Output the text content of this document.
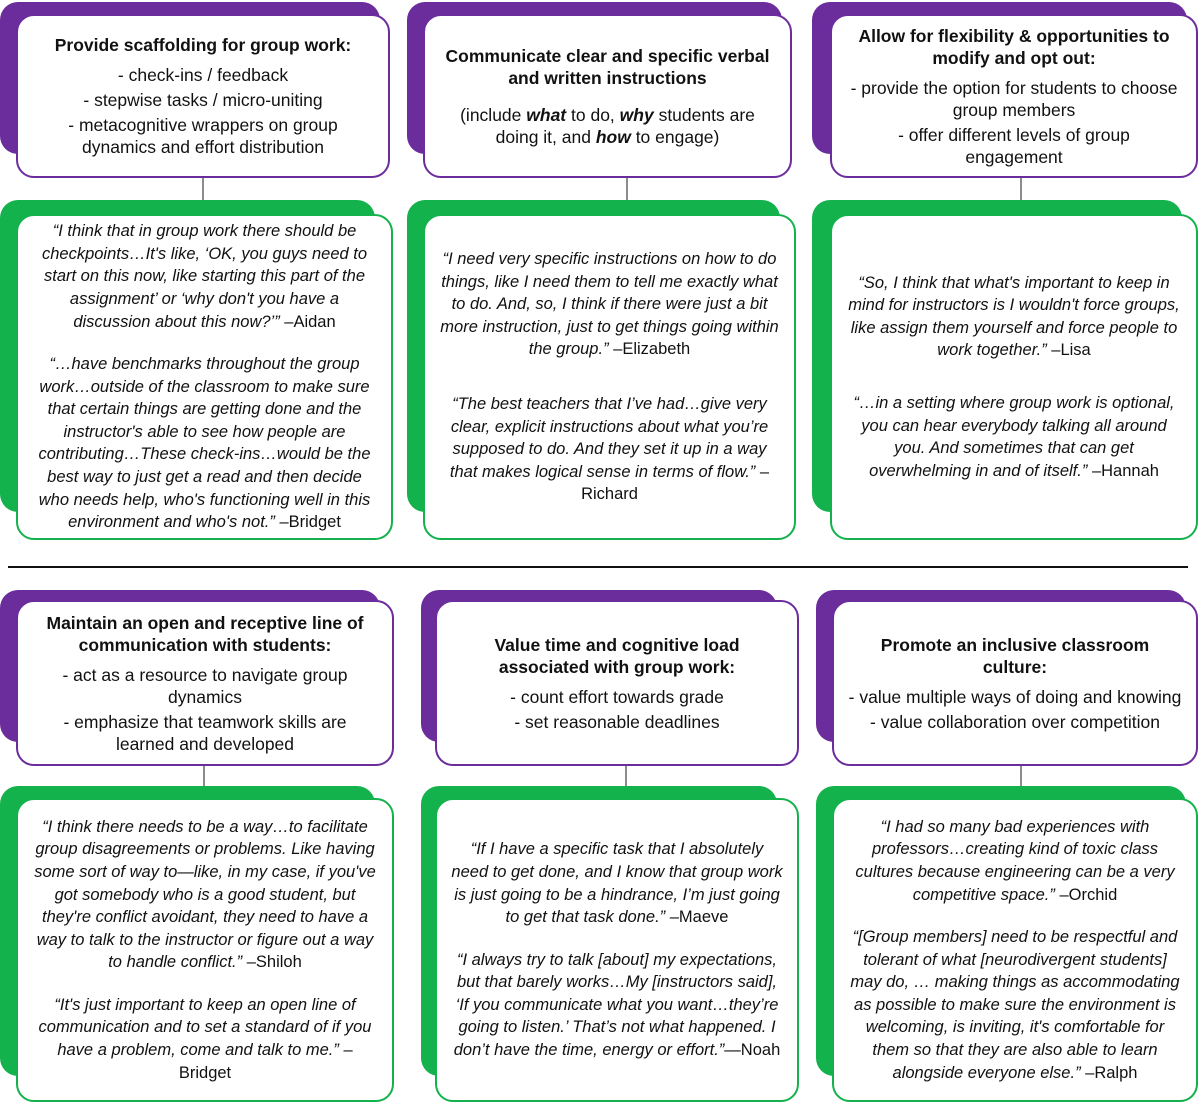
Provide scaffolding for group work:
- check-ins / feedback
- stepwise tasks / micro-uniting
- metacognitive wrappers on group dynamics and effort distribution
“I think that in group work there should be checkpoints…It's like, ‘OK, you guys need to start on this now, like starting this part of the assignment’ or ‘why don't you have a discussion about this now?’” –Aidan
“…have benchmarks throughout the group work…outside of the classroom to make sure that certain things are getting done and the instructor's able to see how people are contributing…These check-ins…would be the best way to just get a read and then decide who needs help, who's functioning well in this environment and who's not.” –Bridget
Communicate clear and specific verbal and written instructions
(include what to do, why students are doing it, and how to engage)
“I need very specific instructions on how to do things, like I need them to tell me exactly what to do. And, so, I think if there were just a bit more instruction, just to get things going within the group.” –Elizabeth
“The best teachers that I’ve had…give very clear, explicit instructions about what you’re supposed to do. And they set it up in a way that makes logical sense in terms of flow.” –Richard
Allow for flexibility & opportunities to modify and opt out:
- provide the option for students to choose group members
- offer different levels of group engagement
“So, I think that what's important to keep in mind for instructors is I wouldn't force groups, like assign them yourself and force people to work together.” –Lisa
“…in a setting where group work is optional, you can hear everybody talking all around you. And sometimes that can get overwhelming in and of itself.” –Hannah
Maintain an open and receptive line of communication with students:
- act as a resource to navigate group dynamics
- emphasize that teamwork skills are learned and developed
“I think there needs to be a way…to facilitate group disagreements or problems. Like having some sort of way to—like, in my case, if you've got somebody who is a good student, but they're conflict avoidant, they need to have a way to talk to the instructor or figure out a way to handle conflict.” –Shiloh
“It's just important to keep an open line of communication and to set a standard of if you have a problem, come and talk to me.” –Bridget
Value time and cognitive load associated with group work:
- count effort towards grade
- set reasonable deadlines
“If I have a specific task that I absolutely need to get done, and I know that group work is just going to be a hindrance, I’m just going to get that task done.” –Maeve
“I always try to talk [about] my expectations, but that barely works…My [instructors said], ‘If you communicate what you want…they’re going to listen.’ That’s not what happened. I don’t have the time, energy or effort.”—Noah
Promote an inclusive classroom culture:
- value multiple ways of doing and knowing
- value collaboration over competition
“I had so many bad experiences with professors…creating kind of toxic class cultures because engineering can be a very competitive space.” –Orchid
“[Group members] need to be respectful and tolerant of what [neurodivergent students] may do, … making things as accommodating as possible to make sure the environment is welcoming, is inviting, it's comfortable for them so that they are also able to learn alongside everyone else.” –Ralph
